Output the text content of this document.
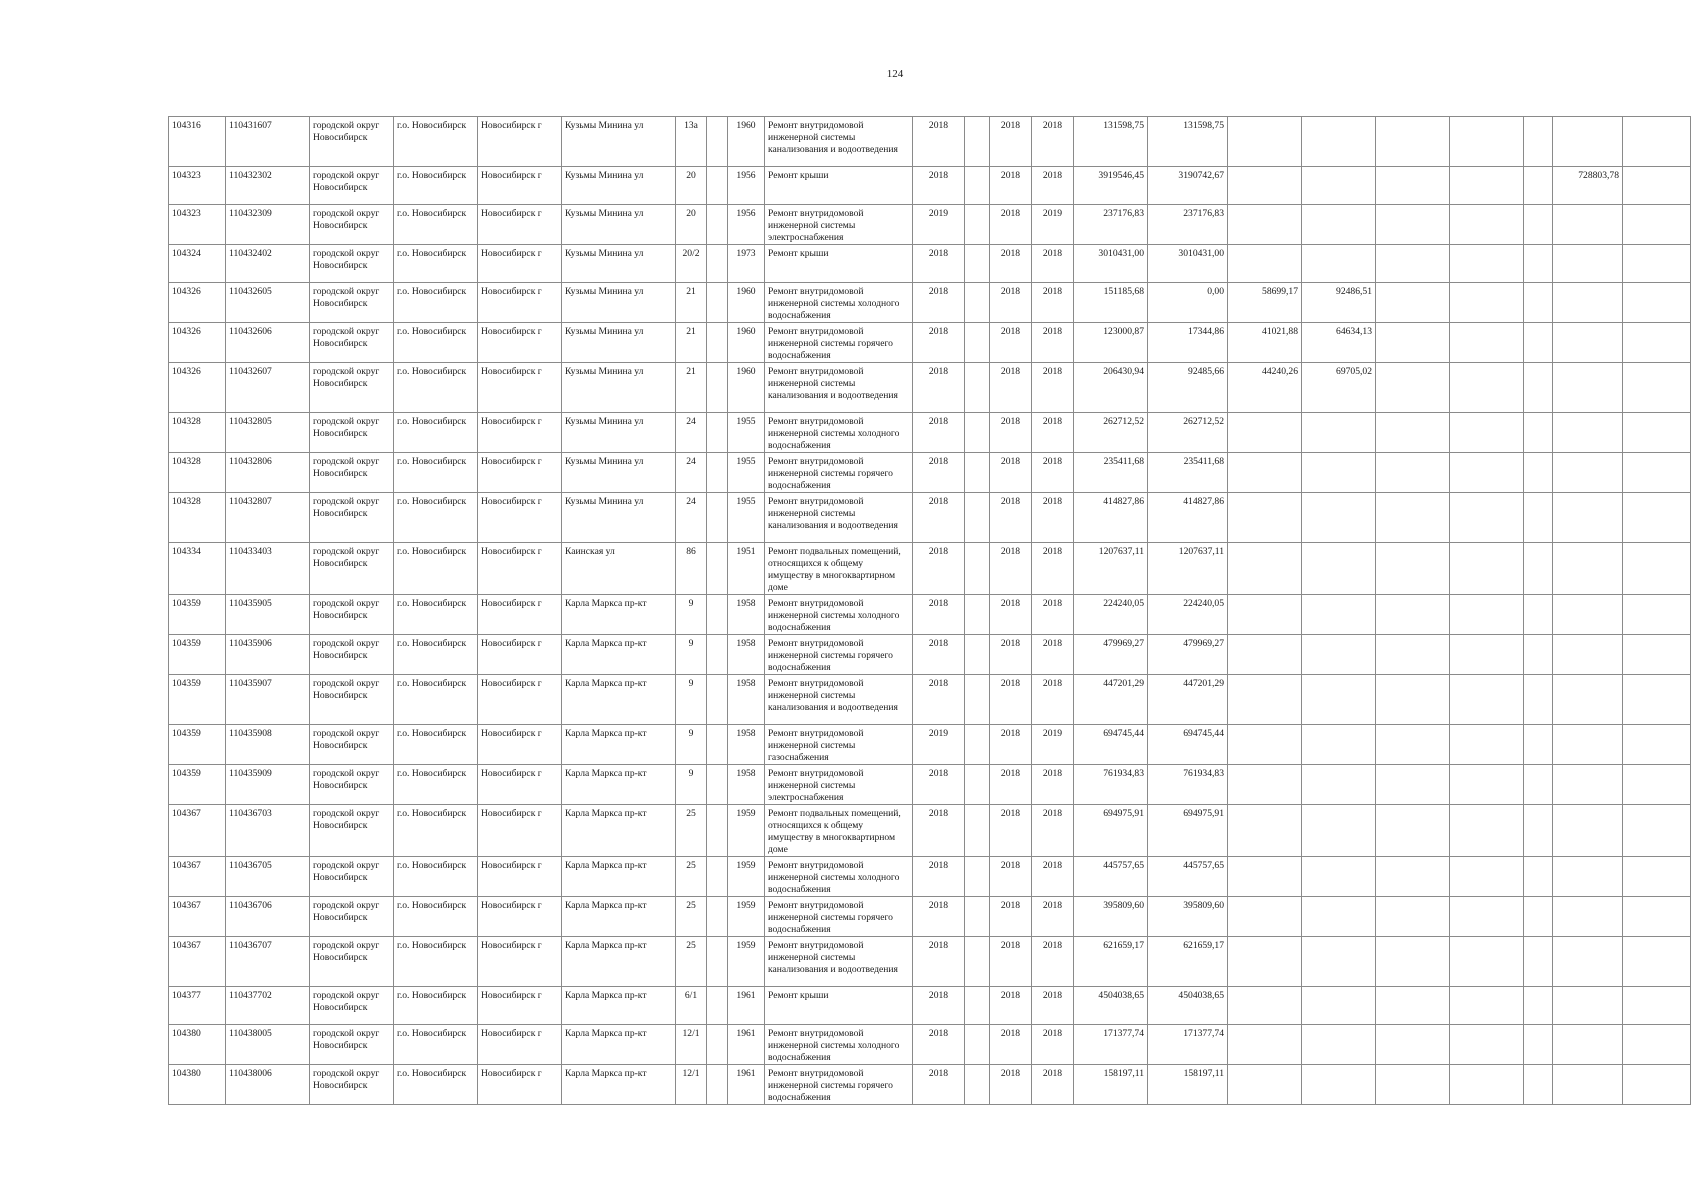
124
104316	110431607	городской округ Новосибирск	г.о. Новосибирск	Новосибирск г	Кузьмы Минина ул	13а		1960	Ремонт внутридомовой инженерной системы канализования и водоотведения	2018		2018	2018	131598,75	131598,75							
104323	110432302	городской округ Новосибирск	г.о. Новосибирск	Новосибирск г	Кузьмы Минина ул	20		1956	Ремонт крыши	2018		2018	2018	3919546,45	3190742,67						728803,78	
104323	110432309	городской округ Новосибирск	г.о. Новосибирск	Новосибирск г	Кузьмы Минина ул	20		1956	Ремонт внутридомовой инженерной системы электроснабжения	2019		2018	2019	237176,83	237176,83							
104324	110432402	городской округ Новосибирск	г.о. Новосибирск	Новосибирск г	Кузьмы Минина ул	20/2		1973	Ремонт крыши	2018		2018	2018	3010431,00	3010431,00							
104326	110432605	городской округ Новосибирск	г.о. Новосибирск	Новосибирск г	Кузьмы Минина ул	21		1960	Ремонт внутридомовой инженерной системы холодного водоснабжения	2018		2018	2018	151185,68	0,00	58699,17	92486,51					
104326	110432606	городской округ Новосибирск	г.о. Новосибирск	Новосибирск г	Кузьмы Минина ул	21		1960	Ремонт внутридомовой инженерной системы горячего водоснабжения	2018		2018	2018	123000,87	17344,86	41021,88	64634,13					
104326	110432607	городской округ Новосибирск	г.о. Новосибирск	Новосибирск г	Кузьмы Минина ул	21		1960	Ремонт внутридомовой инженерной системы канализования и водоотведения	2018		2018	2018	206430,94	92485,66	44240,26	69705,02					
104328	110432805	городской округ Новосибирск	г.о. Новосибирск	Новосибирск г	Кузьмы Минина ул	24		1955	Ремонт внутридомовой инженерной системы холодного водоснабжения	2018		2018	2018	262712,52	262712,52							
104328	110432806	городской округ Новосибирск	г.о. Новосибирск	Новосибирск г	Кузьмы Минина ул	24		1955	Ремонт внутридомовой инженерной системы горячего водоснабжения	2018		2018	2018	235411,68	235411,68							
104328	110432807	городской округ Новосибирск	г.о. Новосибирск	Новосибирск г	Кузьмы Минина ул	24		1955	Ремонт внутридомовой инженерной системы канализования и водоотведения	2018		2018	2018	414827,86	414827,86							
104334	110433403	городской округ Новосибирск	г.о. Новосибирск	Новосибирск г	Каинская ул	86		1951	Ремонт подвальных помещений, относящихся к общему имуществу в многоквартирном доме	2018		2018	2018	1207637,11	1207637,11							
104359	110435905	городской округ Новосибирск	г.о. Новосибирск	Новосибирск г	Карла Маркса пр-кт	9		1958	Ремонт внутридомовой инженерной системы холодного водоснабжения	2018		2018	2018	224240,05	224240,05							
104359	110435906	городской округ Новосибирск	г.о. Новосибирск	Новосибирск г	Карла Маркса пр-кт	9		1958	Ремонт внутридомовой инженерной системы горячего водоснабжения	2018		2018	2018	479969,27	479969,27							
104359	110435907	городской округ Новосибирск	г.о. Новосибирск	Новосибирск г	Карла Маркса пр-кт	9		1958	Ремонт внутридомовой инженерной системы канализования и водоотведения	2018		2018	2018	447201,29	447201,29							
104359	110435908	городской округ Новосибирск	г.о. Новосибирск	Новосибирск г	Карла Маркса пр-кт	9		1958	Ремонт внутридомовой инженерной системы газоснабжения	2019		2018	2019	694745,44	694745,44							
104359	110435909	городской округ Новосибирск	г.о. Новосибирск	Новосибирск г	Карла Маркса пр-кт	9		1958	Ремонт внутридомовой инженерной системы электроснабжения	2018		2018	2018	761934,83	761934,83							
104367	110436703	городской округ Новосибирск	г.о. Новосибирск	Новосибирск г	Карла Маркса пр-кт	25		1959	Ремонт подвальных помещений, относящихся к общему имуществу в многоквартирном доме	2018		2018	2018	694975,91	694975,91							
104367	110436705	городской округ Новосибирск	г.о. Новосибирск	Новосибирск г	Карла Маркса пр-кт	25		1959	Ремонт внутридомовой инженерной системы холодного водоснабжения	2018		2018	2018	445757,65	445757,65							
104367	110436706	городской округ Новосибирск	г.о. Новосибирск	Новосибирск г	Карла Маркса пр-кт	25		1959	Ремонт внутридомовой инженерной системы горячего водоснабжения	2018		2018	2018	395809,60	395809,60							
104367	110436707	городской округ Новосибирск	г.о. Новосибирск	Новосибирск г	Карла Маркса пр-кт	25		1959	Ремонт внутридомовой инженерной системы канализования и водоотведения	2018		2018	2018	621659,17	621659,17							
104377	110437702	городской округ Новосибирск	г.о. Новосибирск	Новосибирск г	Карла Маркса пр-кт	6/1		1961	Ремонт крыши	2018		2018	2018	4504038,65	4504038,65							
104380	110438005	городской округ Новосибирск	г.о. Новосибирск	Новосибирск г	Карла Маркса пр-кт	12/1		1961	Ремонт внутридомовой инженерной системы холодного водоснабжения	2018		2018	2018	171377,74	171377,74							
104380	110438006	городской округ Новосибирск	г.о. Новосибирск	Новосибирск г	Карла Маркса пр-кт	12/1		1961	Ремонт внутридомовой инженерной системы горячего водоснабжения	2018		2018	2018	158197,11	158197,11							
